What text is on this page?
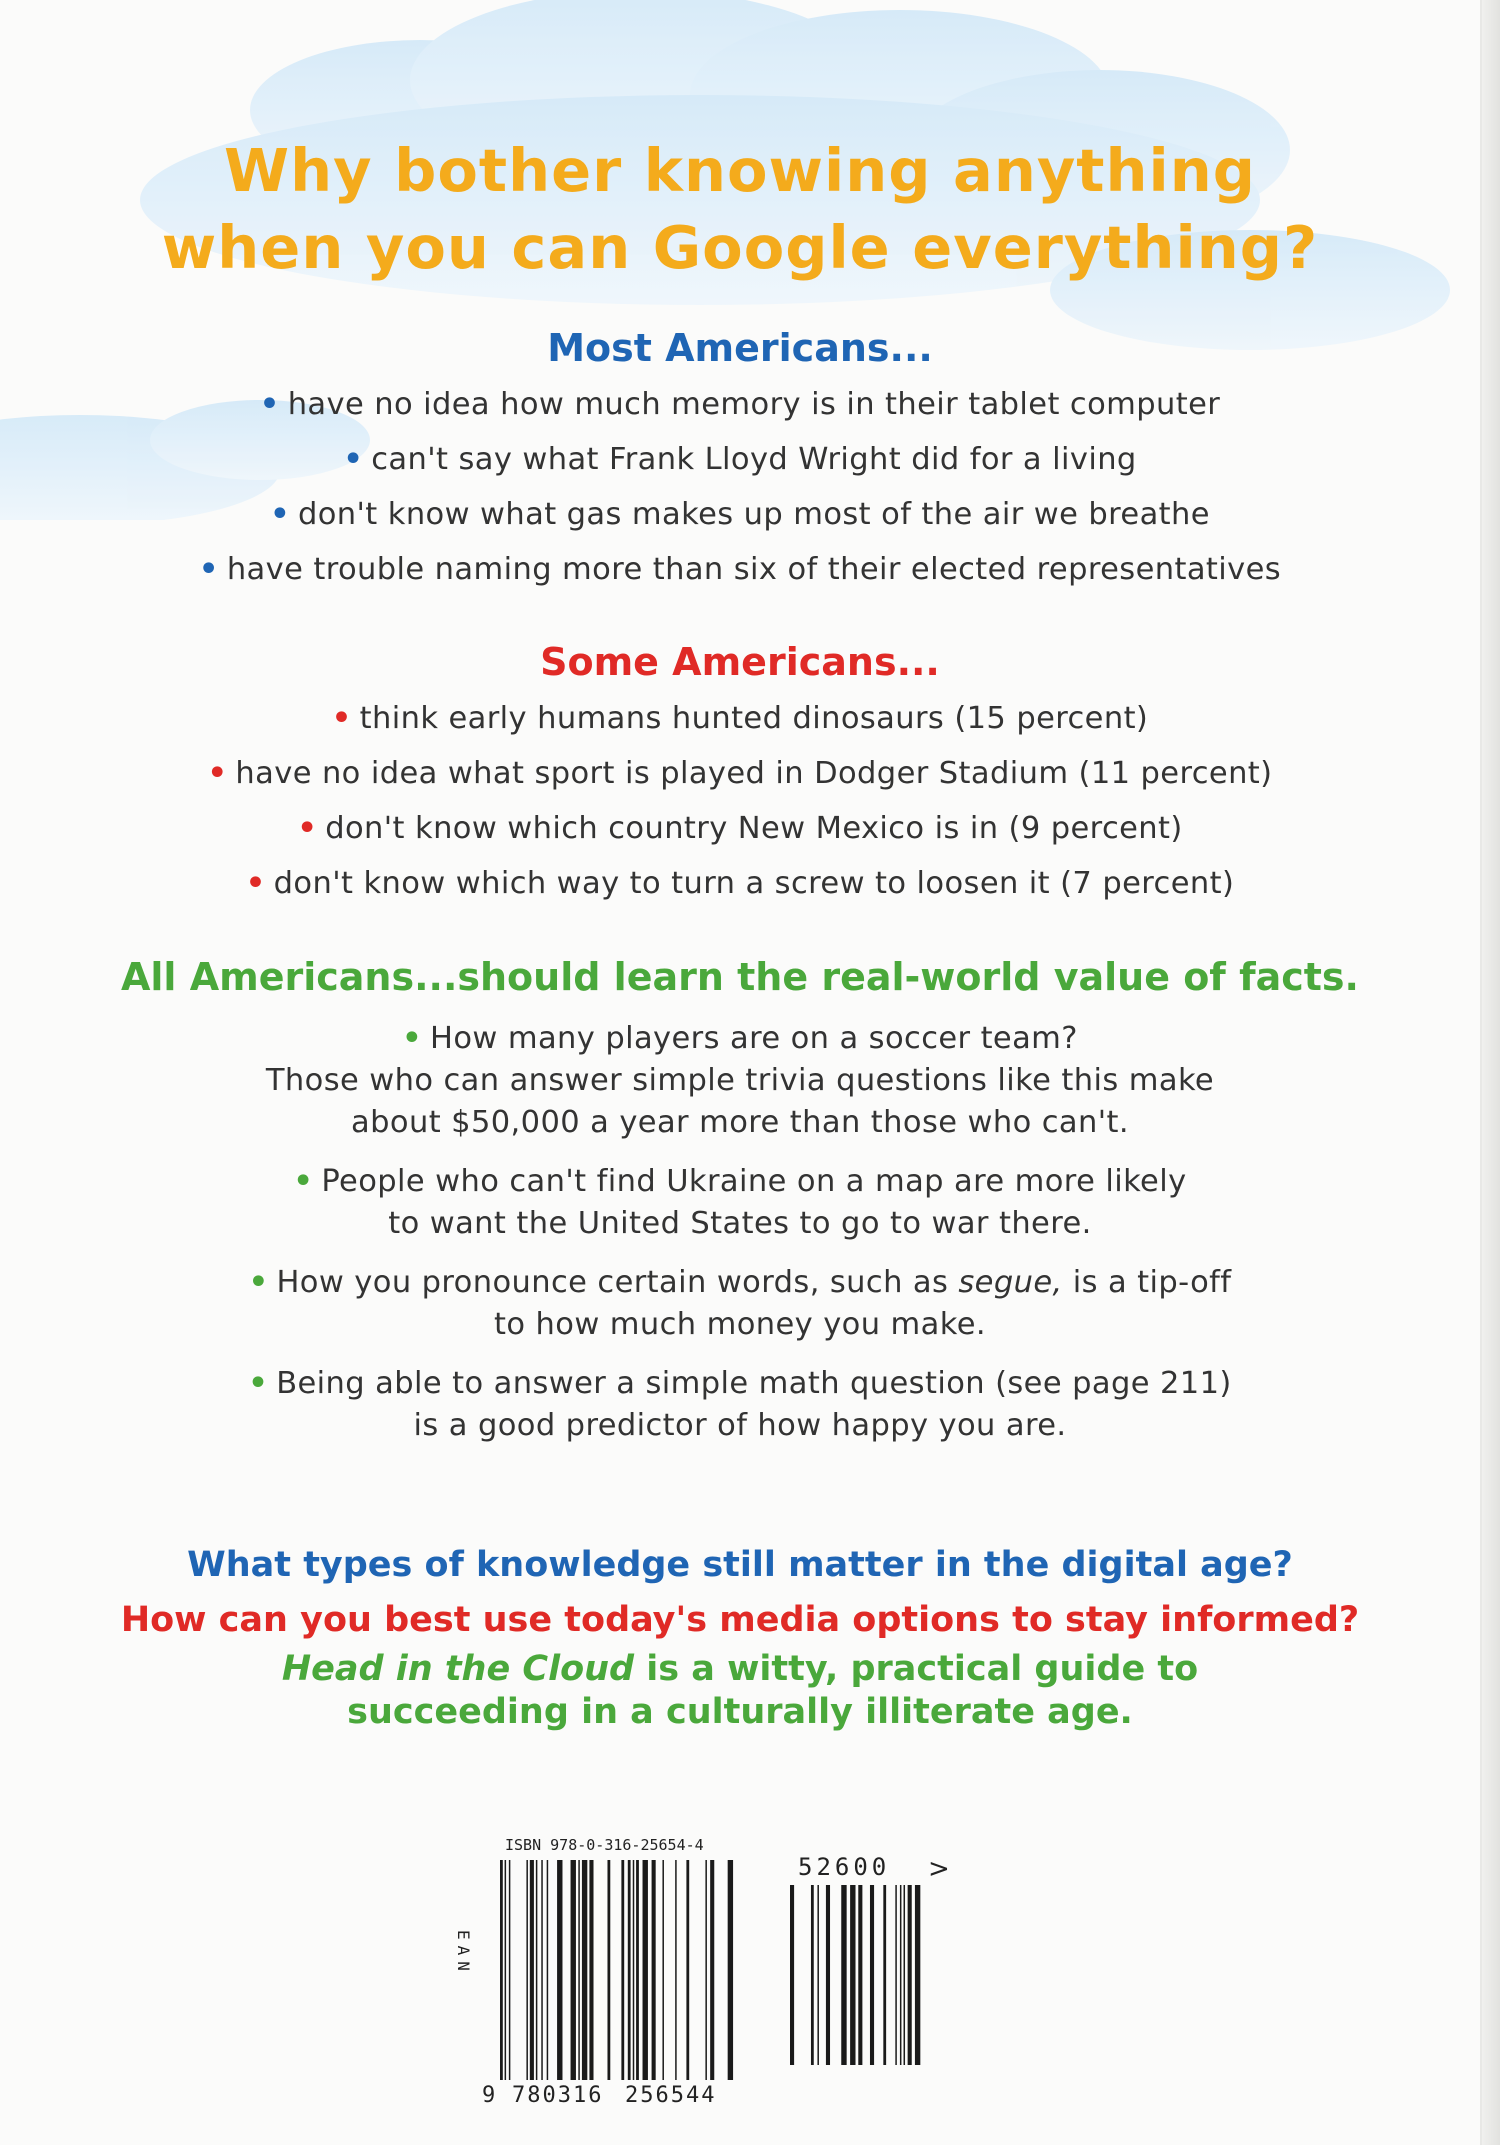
Why bother knowing anything
when you can Google everything?
Most Americans...
• have no idea how much memory is in their tablet computer
• can't say what Frank Lloyd Wright did for a living
• don't know what gas makes up most of the air we breathe
• have trouble naming more than six of their elected representatives
Some Americans...
• think early humans hunted dinosaurs (15 percent)
• have no idea what sport is played in Dodger Stadium (11 percent)
• don't know which country New Mexico is in (9 percent)
• don't know which way to turn a screw to loosen it (7 percent)
All Americans...should learn the real-world value of facts.

• How many players are on a soccer team?
Those who can answer simple trivia questions like this make
about $50,000 a year more than those who can't.

• People who can't find Ukraine on a map are more likely
to want the United States to go to war there.

• How you pronounce certain words, such as segue, is a tip-off
to how much money you make.

• Being able to answer a simple math question (see page 211)
is a good predictor of how happy you are.

What types of knowledge still matter in the digital age?
How can you best use today's media options to stay informed?
Head in the Cloud is a witty, practical guide to
succeeding in a culturally illiterate age.
ISBN 978-0-316-25654-4
EAN
52600 >
9 780316 256544
